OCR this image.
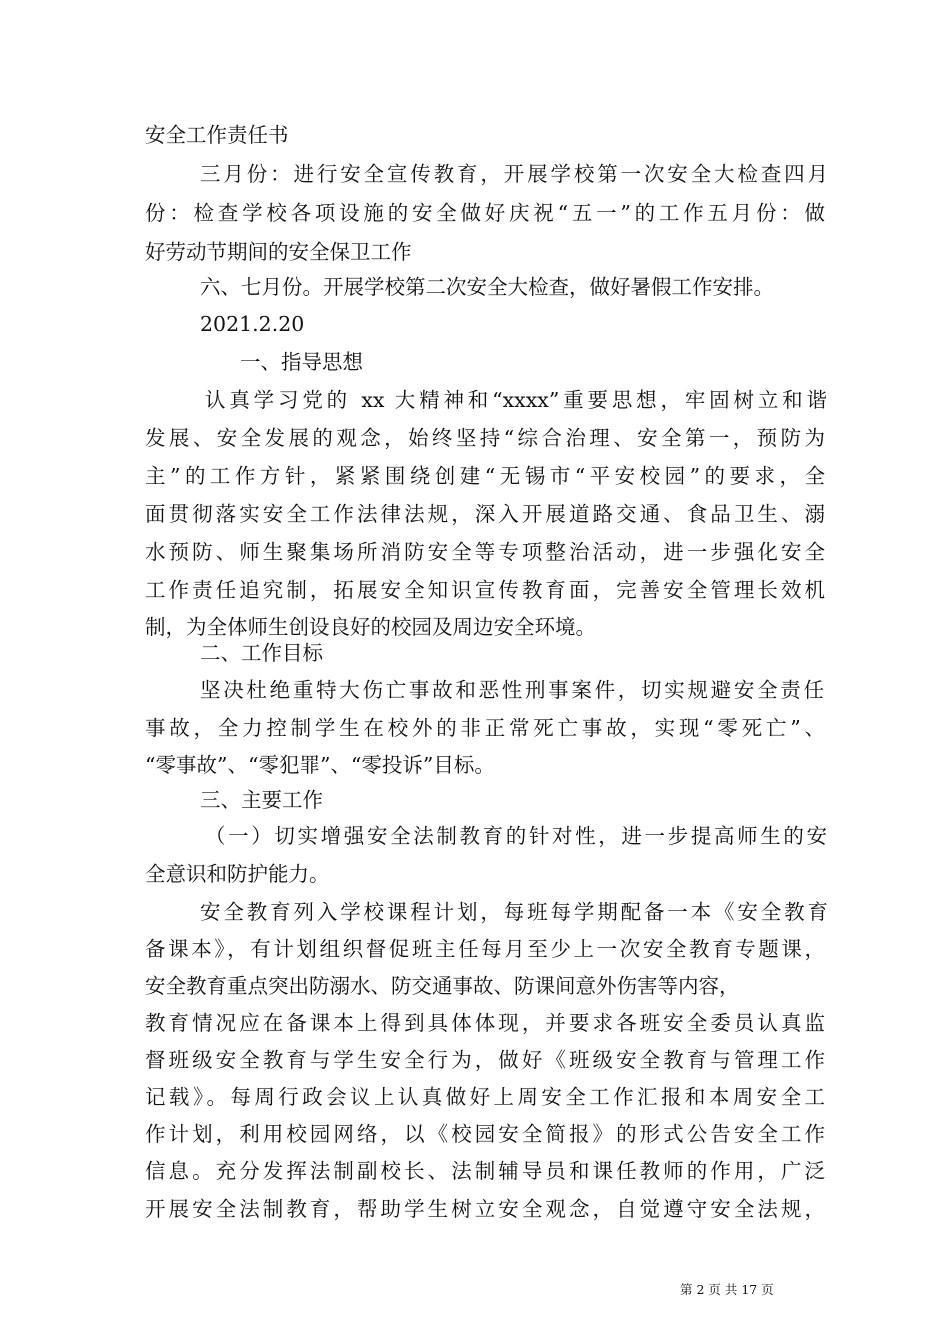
安全工作责任书
三月份：进行安全宣传教育，开展学校第一次安全大检查四月
份：检查学校各项设施的安全做好庆祝“五一”的工作五月份：做
好劳动节期间的安全保卫工作
六、七月份。开展学校第二次安全大检查，做好暑假工作安排。
2021.2.20
一、指导思想
认真学习党的 xx 大精神和“xxxx”重要思想，牢固树立和谐
发展、安全发展的观念，始终坚持“综合治理、安全第一，预防为
主”的工作方针，紧紧围绕创建“无锡市“平安校园”的要求，全
面贯彻落实安全工作法律法规，深入开展道路交通、食品卫生、溺
水预防、师生聚集场所消防安全等专项整治活动，进一步强化安全
工作责任追究制，拓展安全知识宣传教育面，完善安全管理长效机
制，为全体师生创设良好的校园及周边安全环境。
二、工作目标
坚决杜绝重特大伤亡事故和恶性刑事案件，切实规避安全责任
事故，全力控制学生在校外的非正常死亡事故，实现“零死亡”、
“零事故”、“零犯罪”、“零投诉”目标。
三、主要工作
（一）切实增强安全法制教育的针对性，进一步提高师生的安
全意识和防护能力。
安全教育列入学校课程计划，每班每学期配备一本《安全教育
备课本》，有计划组织督促班主任每月至少上一次安全教育专题课，
安全教育重点突出防溺水、防交通事故、防课间意外伤害等内容，
教育情况应在备课本上得到具体体现，并要求各班安全委员认真监
督班级安全教育与学生安全行为，做好《班级安全教育与管理工作
记载》。每周行政会议上认真做好上周安全工作汇报和本周安全工
作计划，利用校园网络，以《校园安全简报》的形式公告安全工作
信息。充分发挥法制副校长、法制辅导员和课任教师的作用，广泛
开展安全法制教育，帮助学生树立安全观念，自觉遵守安全法规，
第 2 页 共 17 页
